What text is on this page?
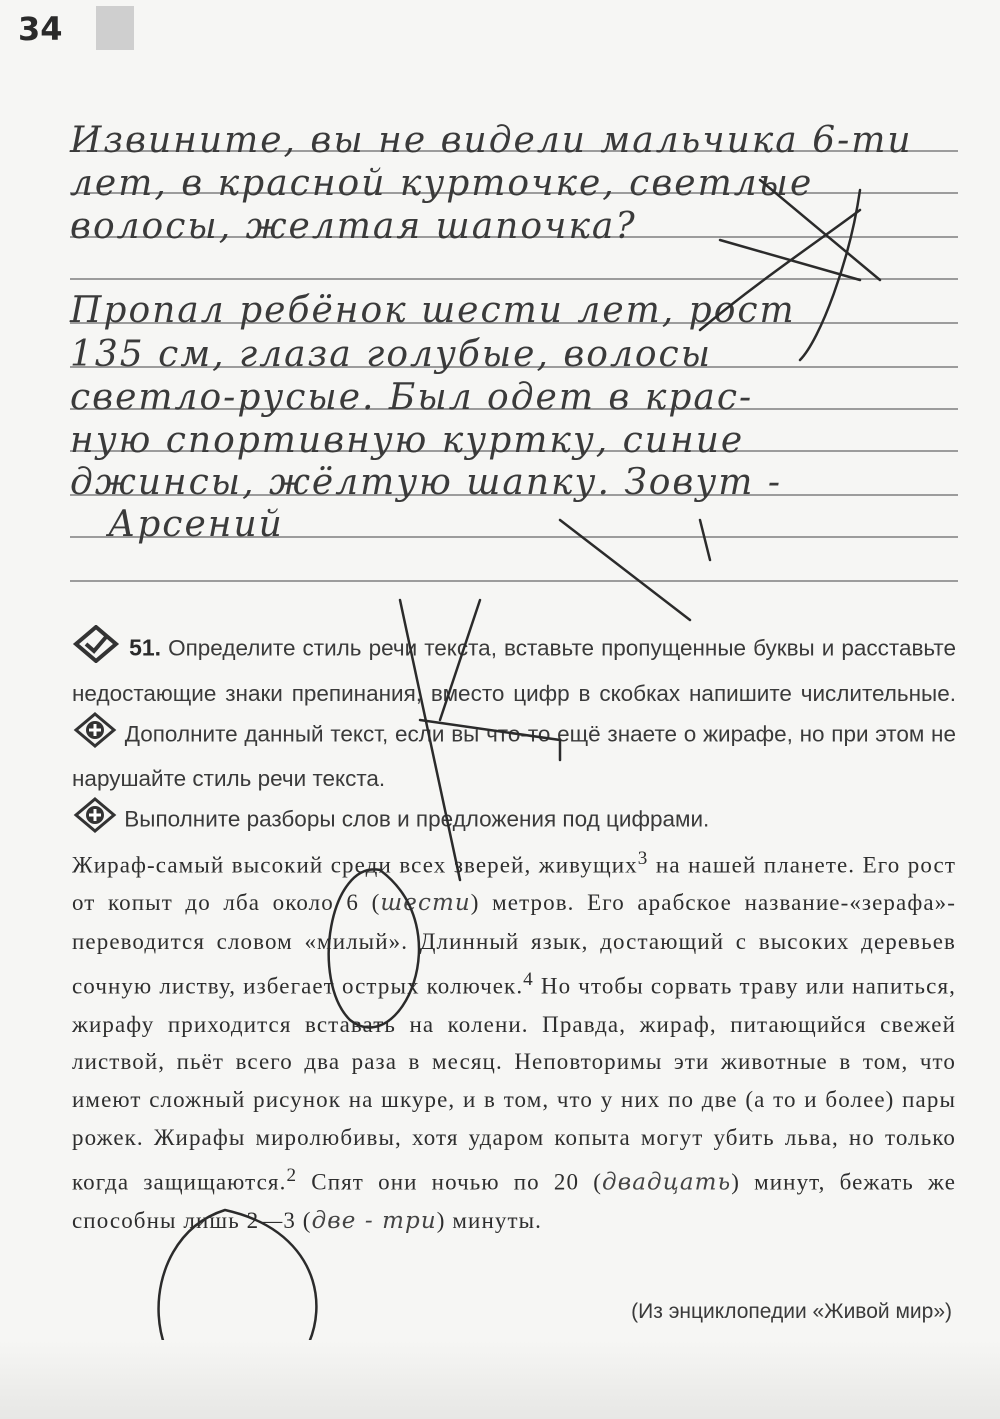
34
Извините, вы не видели мальчика 6-ти
лет, в красной курточке, светлые
волосы, желтая шапочка?
Пропал ребёнок шести лет, рост
135 см, глаза голубые, волосы
светло-русые. Был одет в крас-
ную спортивную куртку, синие
джинсы, жёлтую шапку. Зовут -
Арсений
51. Определите стиль речи текста, вставьте пропущенные буквы и расставьте недостающие знаки препинания, вместо цифр в скобках напишите числительные.  Дополните данный текст, если вы что-то ещё знаете о жирафе, но при этом не нарушайте стиль речи текста.
Выполните разборы слов и предложения под цифрами.
Жираф-самый высокий среди всех зверей, живущих$^3$ на нашей планете. Его рост от копыт до лба около 6 (шести) метров. Его арабское название-«зерафа»-переводится словом «милый». Длинный язык, достающий с высоких деревьев сочную листву, избегает острых колючек.$^4$ Но чтобы сорвать траву или напиться, жирафу приходится вставать на колени. Правда, жираф, питающийся свежей листвой, пьёт всего два раза в месяц. Неповторимы эти животные в том, что имеют сложный рисунок на шкуре, и в том, что у них по две (а то и более) пары рожек. Жирафы миролюбивы, хотя ударом копыта могут убить льва, но только когда защищаются.$^2$ Спят они ночью по 20 (двадцать) минут, бежать же способны лишь 2—3 (две - три) минуты.
(Из энциклопедии «Живой мир»)
